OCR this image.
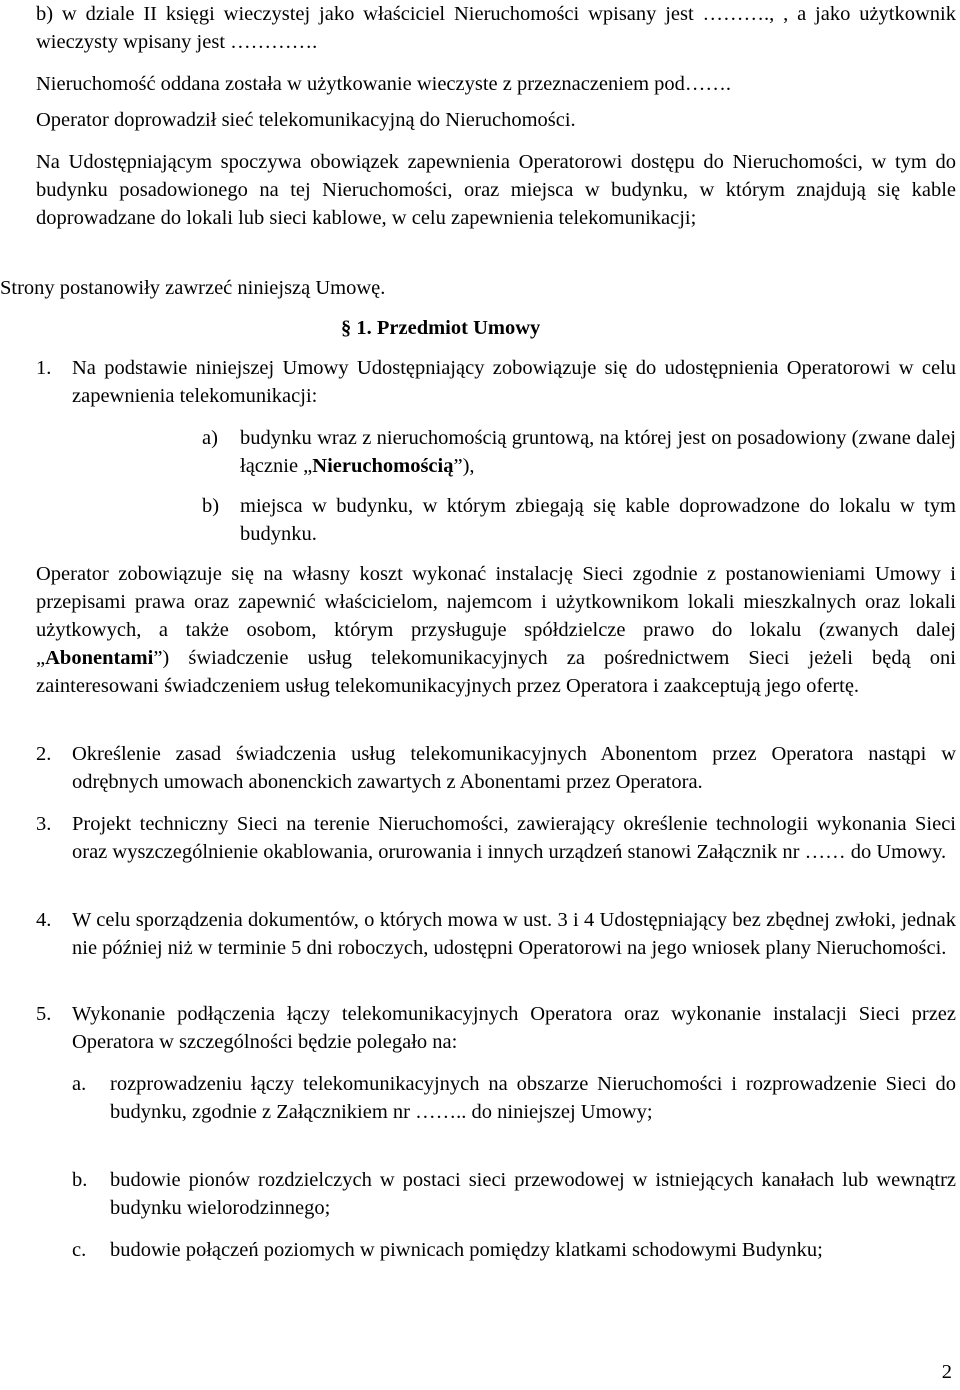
b) w dziale II księgi wieczystej jako właściciel Nieruchomości wpisany jest ………., , a jako użytkownik wieczysty wpisany jest ………….

Nieruchomość oddana została w użytkowanie wieczyste z przeznaczeniem pod…….

Operator doprowadził sieć telekomunikacyjną do Nieruchomości.

Na Udostępniającym spoczywa obowiązek zapewnienia Operatorowi dostępu do Nieruchomości, w tym do budynku posadowionego na tej Nieruchomości, oraz miejsca w budynku, w którym znajdują się kable doprowadzane do lokali lub sieci kablowe, w celu zapewnienia telekomunikacji;

Strony postanowiły zawrzeć niniejszą Umowę.

§ 1. Przedmiot Umowy

1. Na podstawie niniejszej Umowy Udostępniający zobowiązuje się do udostępnienia Operatorowi w celu zapewnienia telekomunikacji:

a) budynku wraz z nieruchomością gruntową, na której jest on posadowiony (zwane dalej łącznie „Nieruchomością”),

b) miejsca w budynku, w którym zbiegają się kable doprowadzone do lokalu w tym budynku.

Operator zobowiązuje się na własny koszt wykonać instalację Sieci zgodnie z postanowieniami Umowy i przepisami prawa oraz zapewnić właścicielom, najemcom i użytkownikom lokali mieszkalnych oraz lokali użytkowych, a także osobom, którym przysługuje spółdzielcze prawo do lokalu (zwanych dalej „Abonentami”) świadczenie usług telekomunikacyjnych za pośrednictwem Sieci jeżeli będą oni zainteresowani świadczeniem usług telekomunikacyjnych przez Operatora i zaakceptują jego ofertę.

2. Określenie zasad świadczenia usług telekomunikacyjnych Abonentom przez Operatora nastąpi w odrębnych umowach abonenckich zawartych z Abonentami przez Operatora.

3. Projekt techniczny Sieci na terenie Nieruchomości, zawierający określenie technologii wykonania Sieci oraz wyszczególnienie okablowania, orurowania i innych urządzeń stanowi Załącznik nr …… do Umowy.

4. W celu sporządzenia dokumentów, o których mowa w ust. 3 i 4 Udostępniający bez zbędnej zwłoki, jednak nie później niż w terminie 5 dni roboczych, udostępni Operatorowi na jego wniosek plany Nieruchomości.

5. Wykonanie podłączenia łączy telekomunikacyjnych Operatora oraz wykonanie instalacji Sieci przez Operatora w szczególności będzie polegało na:

a. rozprowadzeniu łączy telekomunikacyjnych na obszarze Nieruchomości i rozprowadzenie Sieci do budynku, zgodnie z Załącznikiem nr …….. do niniejszej Umowy;

b. budowie pionów rozdzielczych w postaci sieci przewodowej w istniejących kanałach lub wewnątrz budynku wielorodzinnego;

c. budowie połączeń poziomych w piwnicach pomiędzy klatkami schodowymi Budynku;

2
